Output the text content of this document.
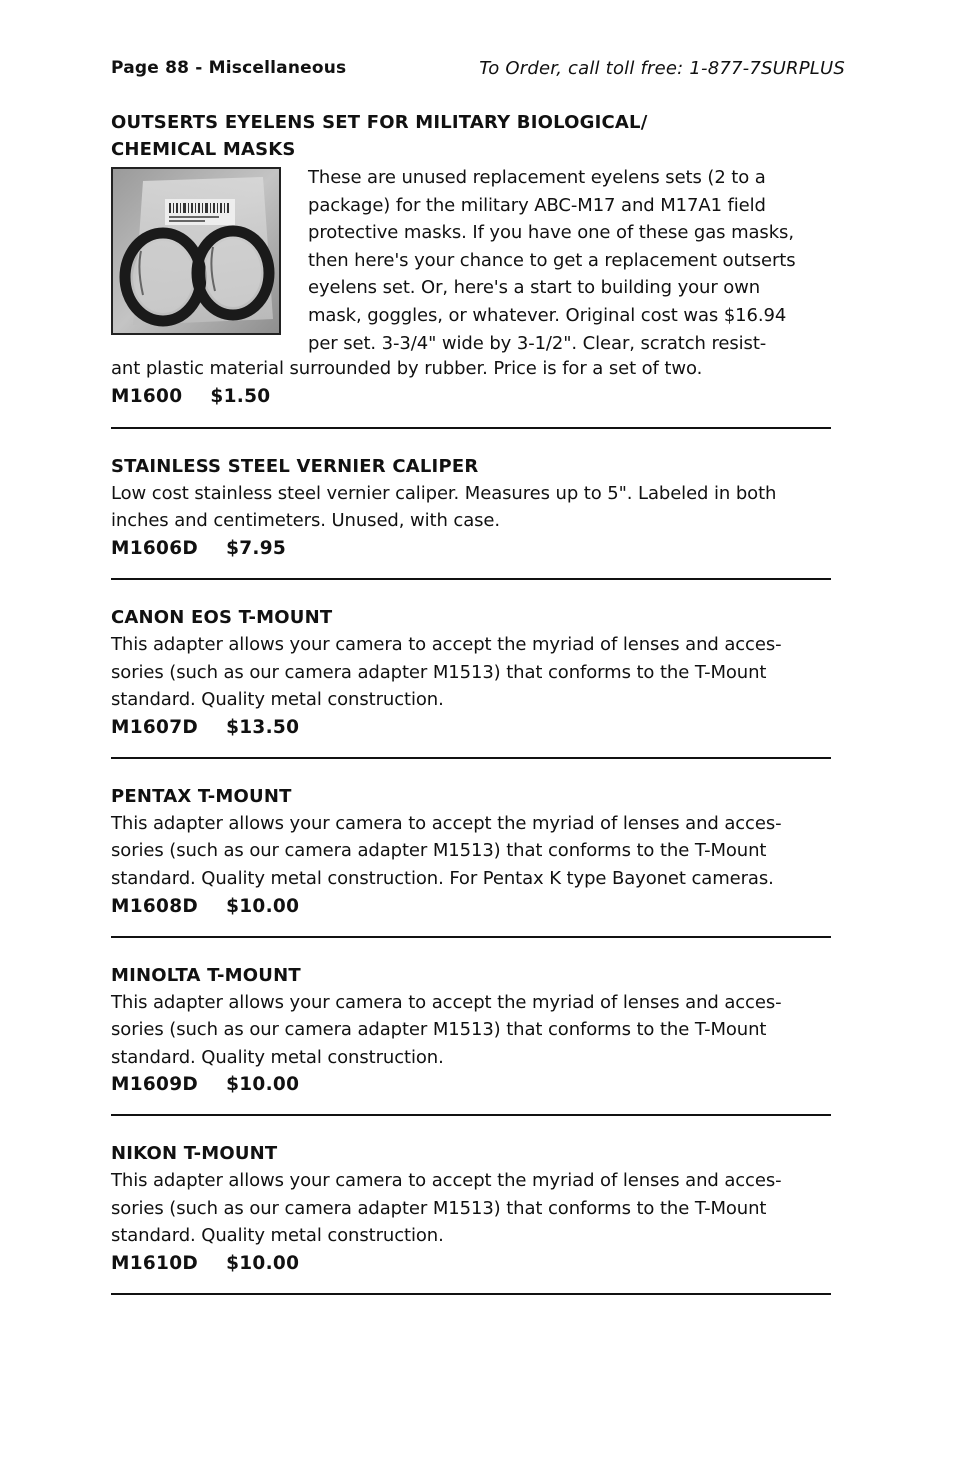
Page 88 - Miscellaneous	To Order, call toll free: 1-877-7SURPLUS

OUTSERTS EYELENS SET FOR MILITARY BIOLOGICAL/
CHEMICAL MASKS

These are unused replacement eyelens sets (2 to a
package) for the military ABC-M17 and M17A1 field
protective masks. If you have one of these gas masks,
then here's your chance to get a replacement outserts
eyelens set. Or, here's a start to building your own
mask, goggles, or whatever. Original cost was $16.94
per set. 3-3/4" wide by 3-1/2". Clear, scratch resist-

ant plastic material surrounded by rubber. Price is for a set of two.

M1600 $1.50

STAINLESS STEEL VERNIER CALIPER

Low cost stainless steel vernier caliper. Measures up to 5". Labeled in both
inches and centimeters. Unused, with case.

M1606D $7.95

CANON EOS T-MOUNT

This adapter allows your camera to accept the myriad of lenses and acces-
sories (such as our camera adapter M1513) that conforms to the T-Mount
standard. Quality metal construction.

M1607D $13.50

PENTAX T-MOUNT

This adapter allows your camera to accept the myriad of lenses and acces-
sories (such as our camera adapter M1513) that conforms to the T-Mount
standard. Quality metal construction. For Pentax K type Bayonet cameras.

M1608D $10.00

MINOLTA T-MOUNT

This adapter allows your camera to accept the myriad of lenses and acces-
sories (such as our camera adapter M1513) that conforms to the T-Mount
standard. Quality metal construction.

M1609D $10.00

NIKON T-MOUNT

This adapter allows your camera to accept the myriad of lenses and acces-
sories (such as our camera adapter M1513) that conforms to the T-Mount
standard. Quality metal construction.

M1610D $10.00
